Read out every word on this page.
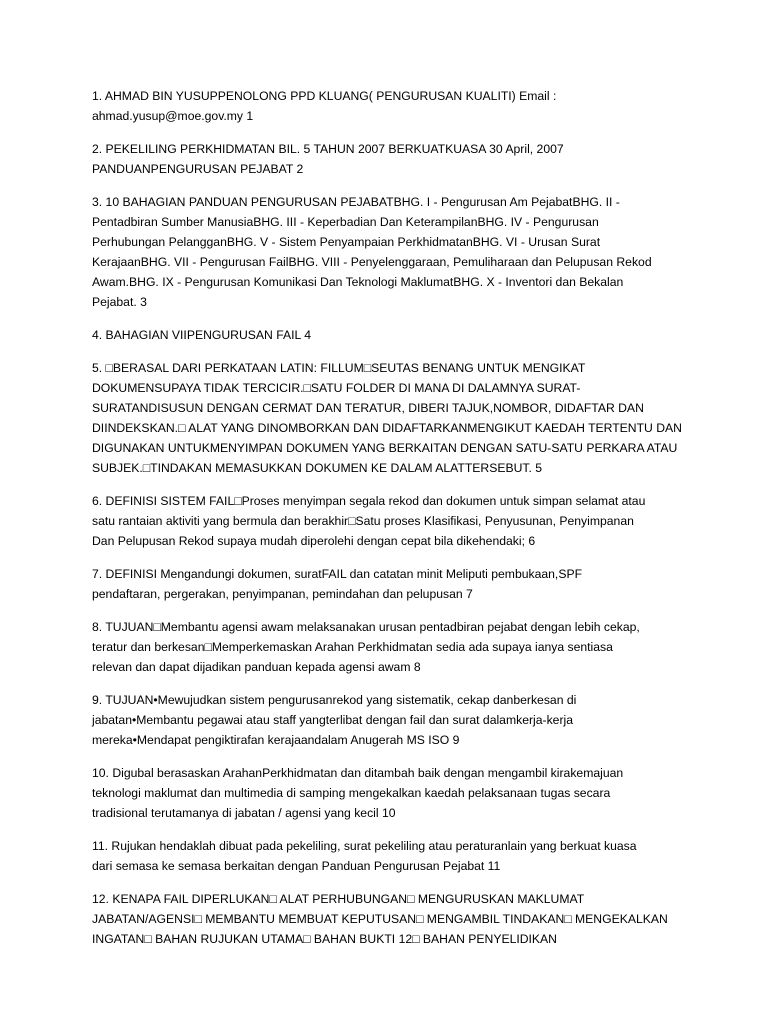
1. AHMAD BIN YUSUPPENOLONG PPD KLUANG( PENGURUSAN KUALITI) Email :
ahmad.yusup@moe.gov.my 1

2. PEKELILING PERKHIDMATAN BIL. 5 TAHUN 2007 BERKUATKUASA 30 April, 2007
PANDUANPENGURUSAN PEJABAT 2

3. 10 BAHAGIAN PANDUAN PENGURUSAN PEJABATBHG. I - Pengurusan Am PejabatBHG. II -
Pentadbiran Sumber ManusiaBHG. III - Keperbadian Dan KeterampilanBHG. IV - Pengurusan
Perhubungan PelangganBHG. V - Sistem Penyampaian PerkhidmatanBHG. VI - Urusan Surat
KerajaanBHG. VII - Pengurusan FailBHG. VIII - Penyelenggaraan, Pemuliharaan dan Pelupusan Rekod
Awam.BHG. IX - Pengurusan Komunikasi Dan Teknologi MaklumatBHG. X - Inventori dan Bekalan
Pejabat. 3

4. BAHAGIAN VIIPENGURUSAN FAIL 4

5. □BERASAL DARI PERKATAAN LATIN: FILLUM□SEUTAS BENANG UNTUK MENGIKAT
DOKUMENSUPAYA TIDAK TERCICIR.□SATU FOLDER DI MANA DI DALAMNYA SURAT-
SURATANDISUSUN DENGAN CERMAT DAN TERATUR, DIBERI TAJUK,NOMBOR, DIDAFTAR DAN
DIINDEKSKAN.□ ALAT YANG DINOMBORKAN DAN DIDAFTARKANMENGIKUT KAEDAH TERTENTU DAN
DIGUNAKAN UNTUKMENYIMPAN DOKUMEN YANG BERKAITAN DENGAN SATU-SATU PERKARA ATAU
SUBJEK.□TINDAKAN MEMASUKKAN DOKUMEN KE DALAM ALATTERSEBUT. 5

6. DEFINISI SISTEM FAIL□Proses menyimpan segala rekod dan dokumen untuk simpan selamat atau
satu rantaian aktiviti yang bermula dan berakhir□Satu proses Klasifikasi, Penyusunan, Penyimpanan
Dan Pelupusan Rekod supaya mudah diperolehi dengan cepat bila dikehendaki; 6

7. DEFINISI Mengandungi dokumen, suratFAIL dan catatan minit Meliputi pembukaan,SPF
pendaftaran, pergerakan, penyimpanan, pemindahan dan pelupusan 7

8. TUJUAN□Membantu agensi awam melaksanakan urusan pentadbiran pejabat dengan lebih cekap,
teratur dan berkesan□Memperkemaskan Arahan Perkhidmatan sedia ada supaya ianya sentiasa
relevan dan dapat dijadikan panduan kepada agensi awam 8

9. TUJUAN•Mewujudkan sistem pengurusanrekod yang sistematik, cekap danberkesan di
jabatan•Membantu pegawai atau staff yangterlibat dengan fail dan surat dalamkerja-kerja
mereka•Mendapat pengiktirafan kerajaandalam Anugerah MS ISO 9

10. Digubal berasaskan ArahanPerkhidmatan dan ditambah baik dengan mengambil kirakemajuan
teknologi maklumat dan multimedia di samping mengekalkan kaedah pelaksanaan tugas secara
tradisional terutamanya di jabatan / agensi yang kecil 10

11. Rujukan hendaklah dibuat pada pekeliling, surat pekeliling atau peraturanlain yang berkuat kuasa
dari semasa ke semasa berkaitan dengan Panduan Pengurusan Pejabat 11

12. KENAPA FAIL DIPERLUKAN□ ALAT PERHUBUNGAN□ MENGURUSKAN MAKLUMAT
JABATAN/AGENSI□ MEMBANTU MEMBUAT KEPUTUSAN□ MENGAMBIL TINDAKAN□ MENGEKALKAN
INGATAN□ BAHAN RUJUKAN UTAMA□ BAHAN BUKTI 12□ BAHAN PENYELIDIKAN
